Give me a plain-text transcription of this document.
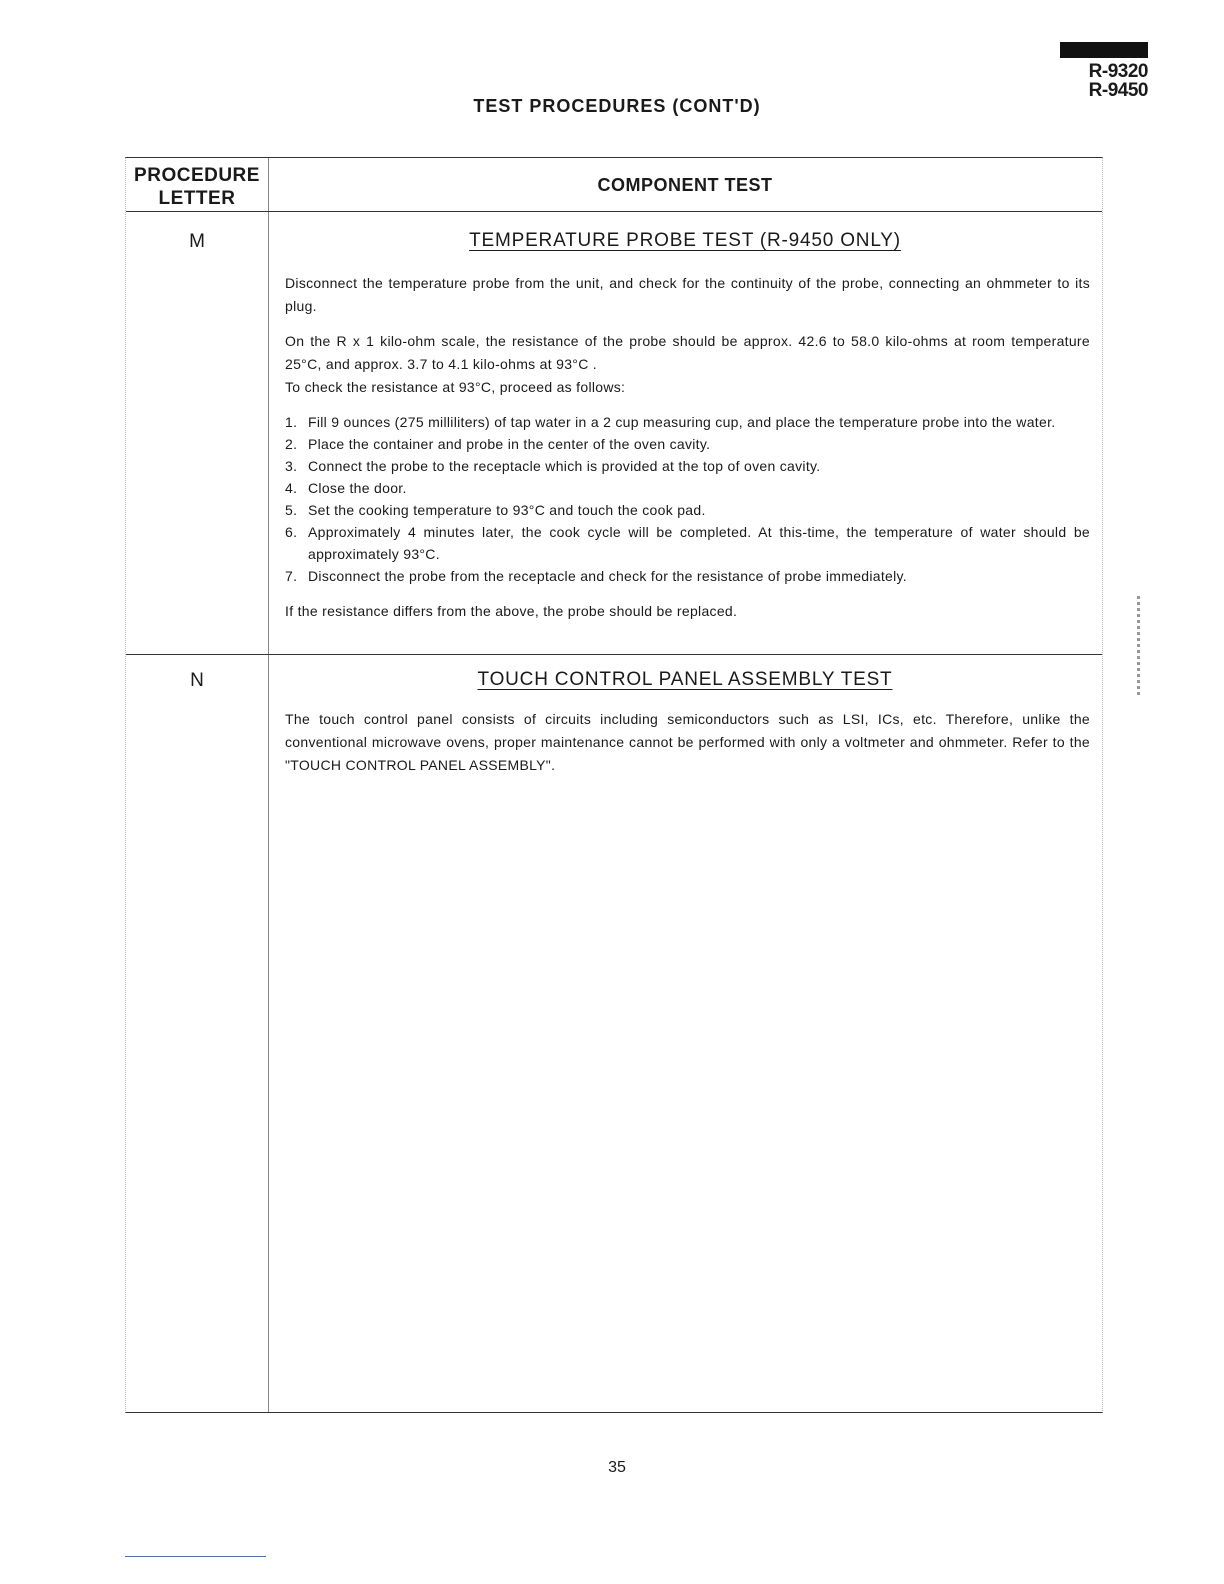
R-9320
R-9450
TEST PROCEDURES (CONT'D)
PROCEDURE
LETTER
COMPONENT TEST
M	TEMPERATURE PROBE TEST (R-9450 ONLY)

Disconnect the temperature probe from the unit, and check for the continuity of the probe, connecting an ohmmeter to its plug.

On the R x 1 kilo-ohm scale, the resistance of the probe should be approx. 42.6 to 58.0 kilo-ohms at room temperature 25°C, and approx. 3.7 to 4.1 kilo-ohms at 93°C .

To check the resistance at 93°C, proceed as follows:

1. Fill 9 ounces (275 milliliters) of tap water in a 2 cup measuring cup, and place the temperature probe into the water.
2. Place the container and probe in the center of the oven cavity.
3. Connect the probe to the receptacle which is provided at the top of oven cavity.
4. Close the door.
5. Set the cooking temperature to 93°C and touch the cook pad.
6. Approximately 4 minutes later, the cook cycle will be completed. At this-time, the temperature of water should be approximately 93°C.
7. Disconnect the probe from the receptacle and check for the resistance of probe immediately.

If the resistance differs from the above, the probe should be replaced.

N	TOUCH CONTROL PANEL ASSEMBLY TEST

The touch control panel consists of circuits including semiconductors such as LSI, ICs, etc. Therefore, unlike the conventional microwave ovens, proper maintenance cannot be performed with only a voltmeter and ohmmeter. Refer to the "TOUCH CONTROL PANEL ASSEMBLY".

35
